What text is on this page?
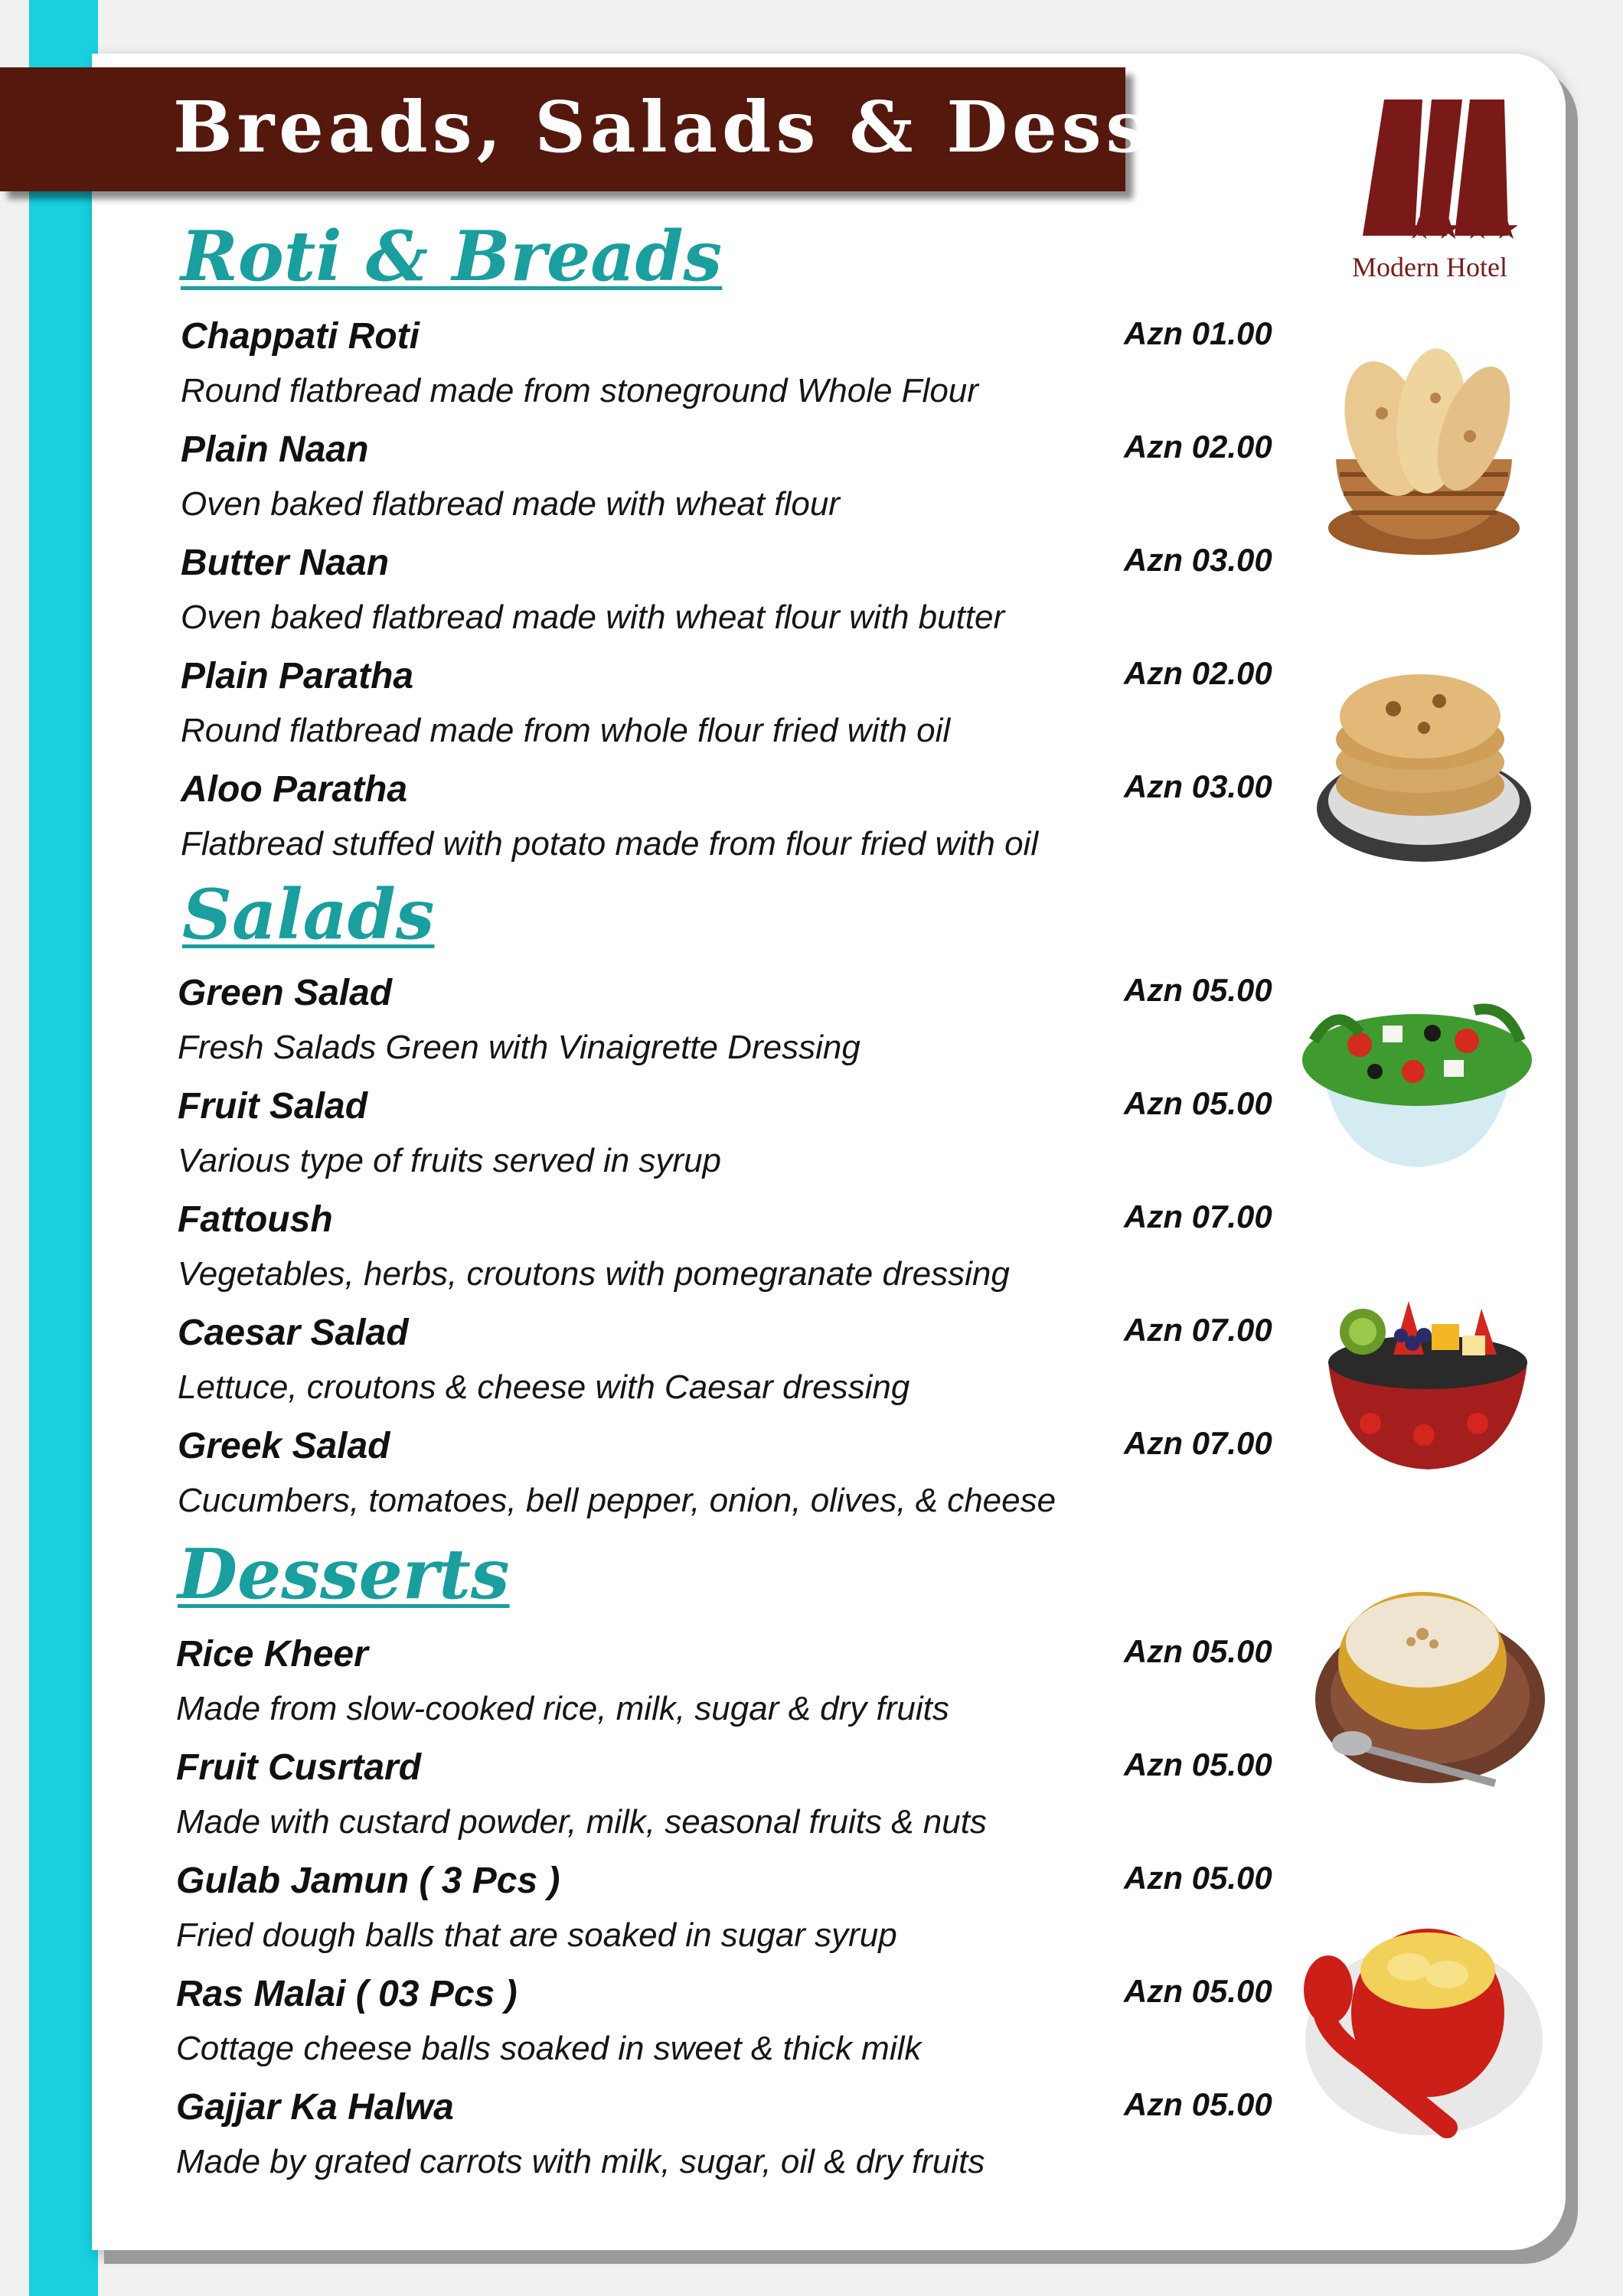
Breads, Salads & Dessert
★★★★
Modern Hotel
Roti & Breads
Chappati Roti	Azn 01.00
Round flatbread made from stoneground Whole Flour
Plain Naan	Azn 02.00
Oven baked flatbread made with wheat flour
Butter Naan	Azn 03.00
Oven baked flatbread made with wheat flour with butter
Plain Paratha	Azn 02.00
Round flatbread made from whole flour fried with oil
Aloo Paratha	Azn 03.00
Flatbread stuffed with potato made from flour fried with oil
Salads
Green Salad	Azn 05.00
Fresh Salads Green with Vinaigrette Dressing
Fruit Salad	Azn 05.00
Various type of fruits served in syrup
Fattoush	Azn 07.00
Vegetables, herbs, croutons with pomegranate dressing
Caesar Salad	Azn 07.00
Lettuce, croutons & cheese with Caesar dressing
Greek Salad	Azn 07.00
Cucumbers, tomatoes, bell pepper, onion, olives, & cheese
Desserts
Rice Kheer	Azn 05.00
Made from slow-cooked rice, milk, sugar & dry fruits
Fruit Cusrtard	Azn 05.00
Made with custard powder, milk, seasonal fruits & nuts
Gulab Jamun ( 3 Pcs )	Azn 05.00
Fried dough balls that are soaked in sugar syrup
Ras Malai ( 03 Pcs )	Azn 05.00
Cottage cheese balls soaked in sweet & thick milk
Gajjar Ka Halwa	Azn 05.00
Made by grated carrots with milk, sugar, oil & dry fruits
